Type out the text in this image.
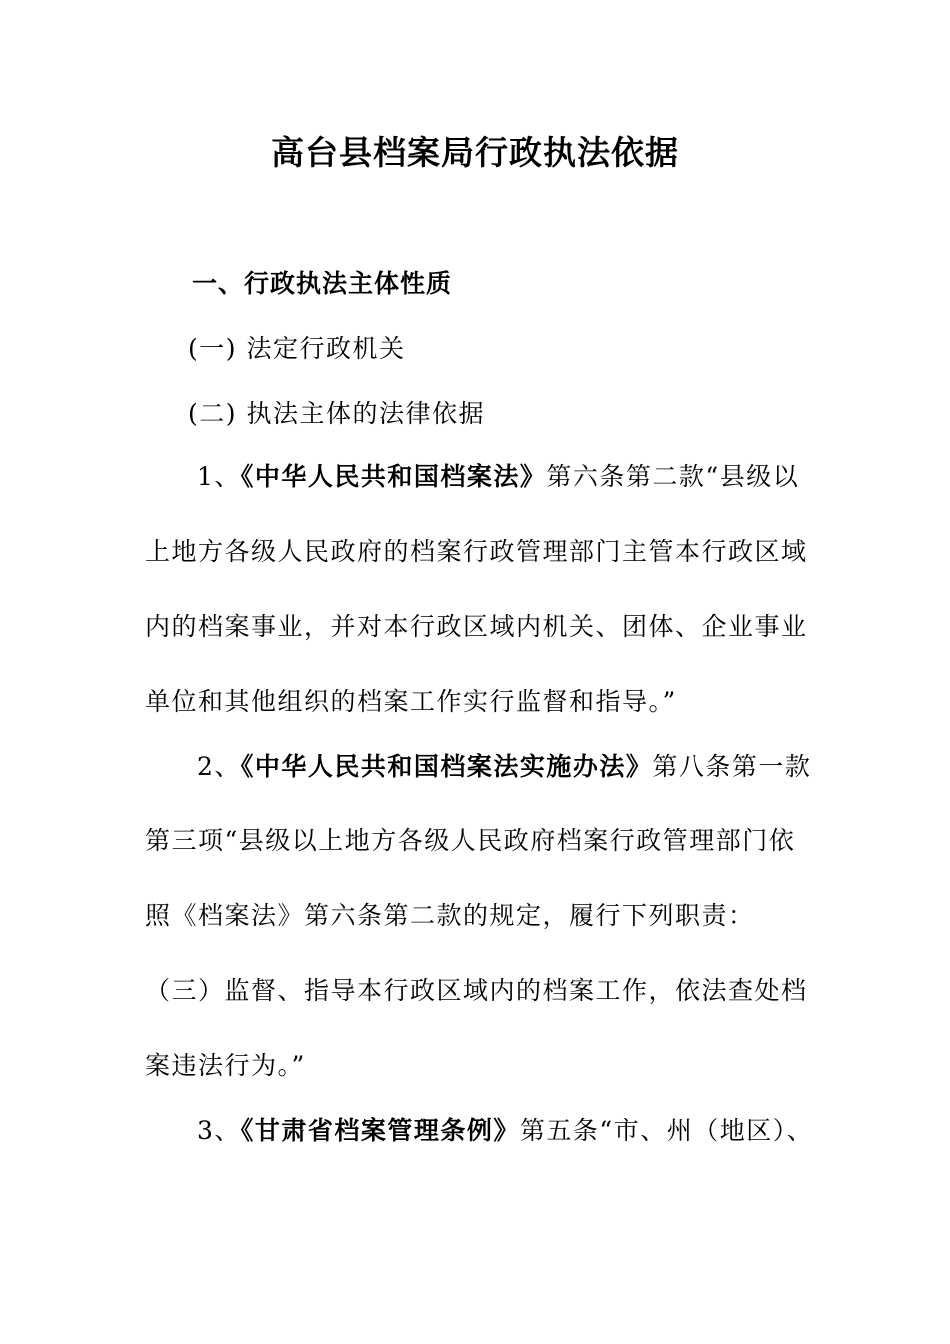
高台县档案局行政执法依据

一、行政执法主体性质

(一) 法定行政机关

(二) 执法主体的法律依据

1、《中华人民共和国档案法》第六条第二款“县级以

上地方各级人民政府的档案行政管理部门主管本行政区域

内的档案事业，并对本行政区域内机关、团体、企业事业

单位和其他组织的档案工作实行监督和指导。”

2、《中华人民共和国档案法实施办法》第八条第一款

第三项“县级以上地方各级人民政府档案行政管理部门依

照《档案法》第六条第二款的规定，履行下列职责：

（三）监督、指导本行政区域内的档案工作，依法查处档

案违法行为。”

3、《甘肃省档案管理条例》第五条“市、州（地区）、
